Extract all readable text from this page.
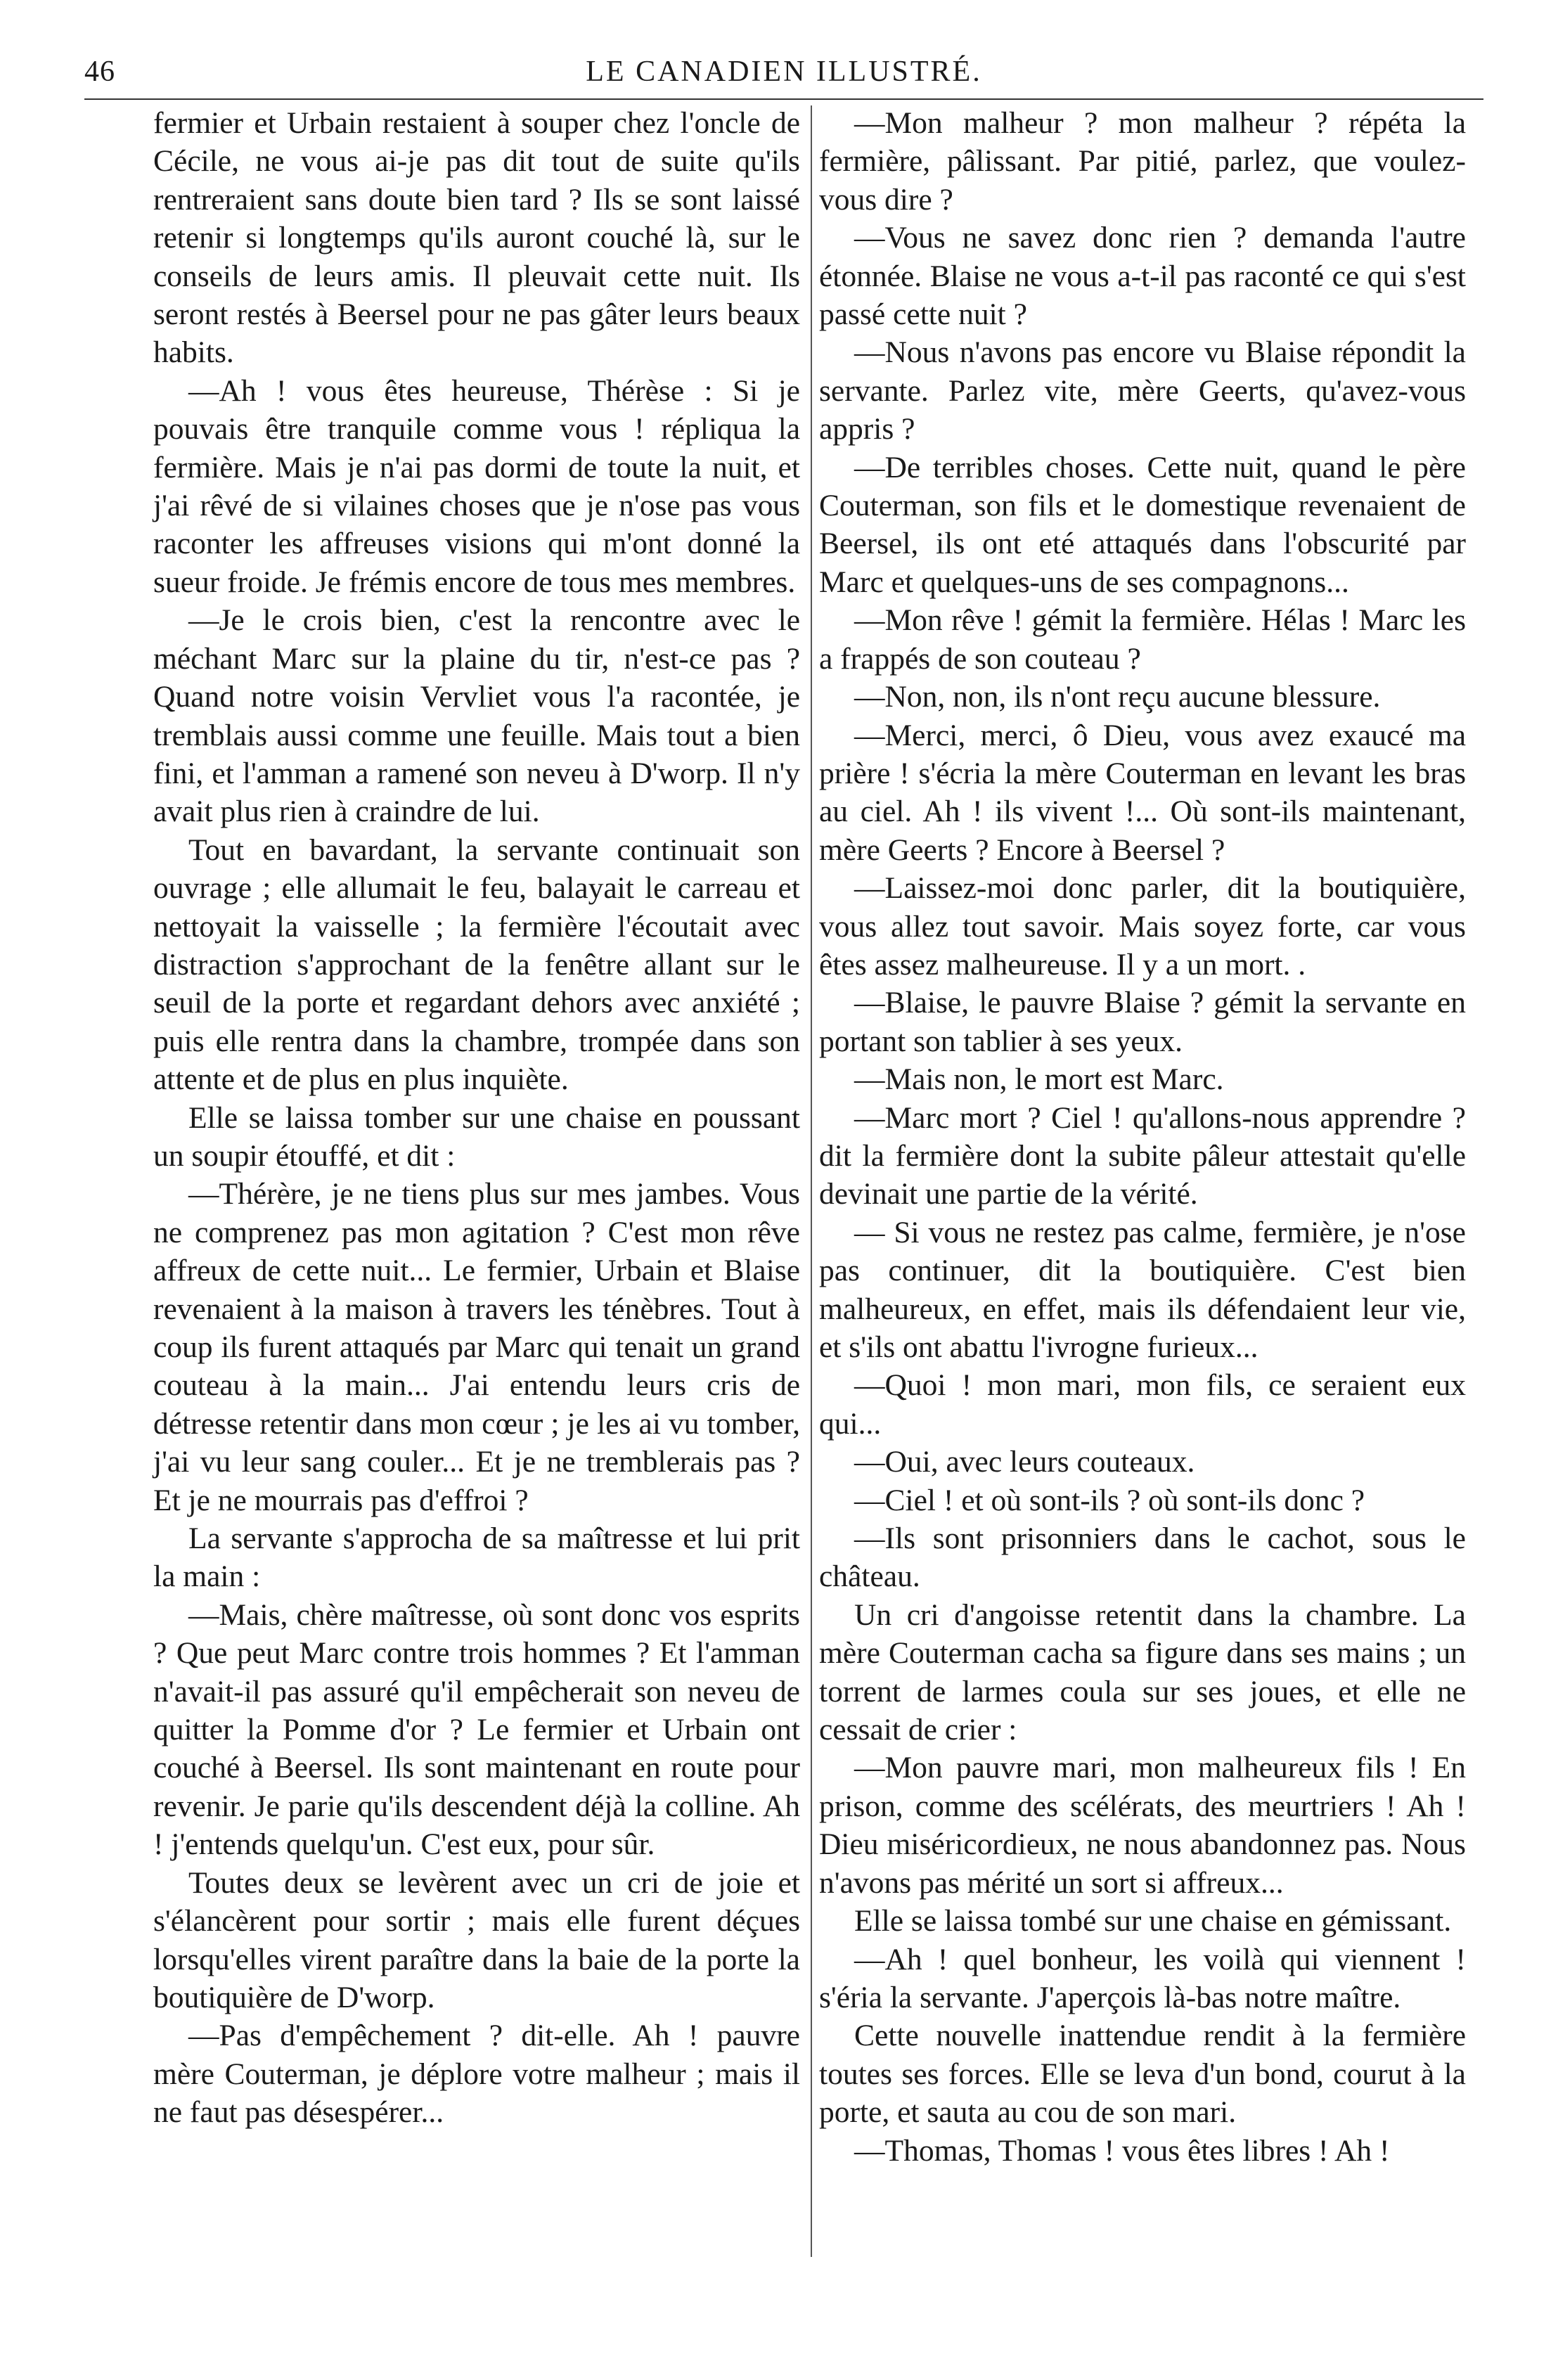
46	LE CANADIEN ILLUSTRÉ.

fermier et Urbain restaient à souper chez l'oncle de Cécile, ne vous ai-je pas dit tout de suite qu'ils rentreraient sans doute bien tard ? Ils se sont laissé retenir si longtemps qu'ils auront couché là, sur le conseils de leurs amis. Il pleuvait cette nuit. Ils seront restés à Beersel pour ne pas gâter leurs beaux habits.

—Ah ! vous êtes heureuse, Thérèse : Si je pouvais être tranquile comme vous ! répliqua la fermière. Mais je n'ai pas dormi de toute la nuit, et j'ai rêvé de si vilaines choses que je n'ose pas vous raconter les affreuses visions qui m'ont donné la sueur froide. Je frémis encore de tous mes membres.

—Je le crois bien, c'est la rencontre avec le méchant Marc sur la plaine du tir, n'est-ce pas ? Quand notre voisin Vervliet vous l'a racontée, je tremblais aussi comme une feuille. Mais tout a bien fini, et l'amman a ramené son neveu à D'worp. Il n'y avait plus rien à craindre de lui.

Tout en bavardant, la servante continuait son ouvrage ; elle allumait le feu, balayait le carreau et nettoyait la vaisselle ; la fermière l'écoutait avec distraction s'approchant de la fenêtre allant sur le seuil de la porte et regardant dehors avec anxiété ; puis elle rentra dans la chambre, trompée dans son attente et de plus en plus inquiète.

Elle se laissa tomber sur une chaise en poussant un soupir étouffé, et dit :

—Thérère, je ne tiens plus sur mes jambes. Vous ne comprenez pas mon agitation ? C'est mon rêve affreux de cette nuit... Le fermier, Urbain et Blaise revenaient à la maison à travers les ténèbres. Tout à coup ils furent attaqués par Marc qui tenait un grand couteau à la main... J'ai entendu leurs cris de détresse retentir dans mon cœur ; je les ai vu tomber, j'ai vu leur sang couler... Et je ne tremblerais pas ? Et je ne mourrais pas d'effroi ?

La servante s'approcha de sa maîtresse et lui prit la main :

—Mais, chère maîtresse, où sont donc vos esprits ? Que peut Marc contre trois hommes ? Et l'amman n'avait-il pas assuré qu'il empêcherait son neveu de quitter la Pomme d'or ? Le fermier et Urbain ont couché à Beersel. Ils sont maintenant en route pour revenir. Je parie qu'ils descendent déjà la colline. Ah ! j'entends quelqu'un. C'est eux, pour sûr.

Toutes deux se levèrent avec un cri de joie et s'élancèrent pour sortir ; mais elle furent déçues lorsqu'elles virent paraître dans la baie de la porte la boutiquière de D'worp.

—Pas d'empêchement ? dit-elle. Ah ! pauvre mère Couterman, je déplore votre malheur ; mais il ne faut pas désespérer...

—Mon malheur ? mon malheur ? répéta la fermière, pâlissant. Par pitié, parlez, que voulez-vous dire ?

—Vous ne savez donc rien ? demanda l'autre étonnée. Blaise ne vous a-t-il pas raconté ce qui s'est passé cette nuit ?

—Nous n'avons pas encore vu Blaise répondit la servante. Parlez vite, mère Geerts, qu'avez-vous appris ?

—De terribles choses. Cette nuit, quand le père Couterman, son fils et le domestique revenaient de Beersel, ils ont eté attaqués dans l'obscurité par Marc et quelques-uns de ses compagnons...

—Mon rêve ! gémit la fermière. Hélas ! Marc les a frappés de son couteau ?

—Non, non, ils n'ont reçu aucune blessure.

—Merci, merci, ô Dieu, vous avez exaucé ma prière ! s'écria la mère Couterman en levant les bras au ciel. Ah ! ils vivent !... Où sont-ils maintenant, mère Geerts ? Encore à Beersel ?

—Laissez-moi donc parler, dit la boutiquière, vous allez tout savoir. Mais soyez forte, car vous êtes assez malheureuse. Il y a un mort. .

—Blaise, le pauvre Blaise ? gémit la servante en portant son tablier à ses yeux.

—Mais non, le mort est Marc.

—Marc mort ? Ciel ! qu'allons-nous apprendre ? dit la fermière dont la subite pâleur attestait qu'elle devinait une partie de la vérité.

— Si vous ne restez pas calme, fermière, je n'ose pas continuer, dit la boutiquière. C'est bien malheureux, en effet, mais ils défendaient leur vie, et s'ils ont abattu l'ivrogne furieux...

—Quoi ! mon mari, mon fils, ce seraient eux qui...

—Oui, avec leurs couteaux.

—Ciel ! et où sont-ils ? où sont-ils donc ?

—Ils sont prisonniers dans le cachot, sous le château.

Un cri d'angoisse retentit dans la chambre. La mère Couterman cacha sa figure dans ses mains ; un torrent de larmes coula sur ses joues, et elle ne cessait de crier :

—Mon pauvre mari, mon malheureux fils ! En prison, comme des scélérats, des meurtriers ! Ah ! Dieu miséricordieux, ne nous abandonnez pas. Nous n'avons pas mérité un sort si affreux...

Elle se laissa tombé sur une chaise en gémissant.

—Ah ! quel bonheur, les voilà qui viennent ! s'éria la servante. J'aperçois là-bas notre maître.

Cette nouvelle inattendue rendit à la fermière toutes ses forces. Elle se leva d'un bond, courut à la porte, et sauta au cou de son mari.

—Thomas, Thomas ! vous êtes libres ! Ah !
